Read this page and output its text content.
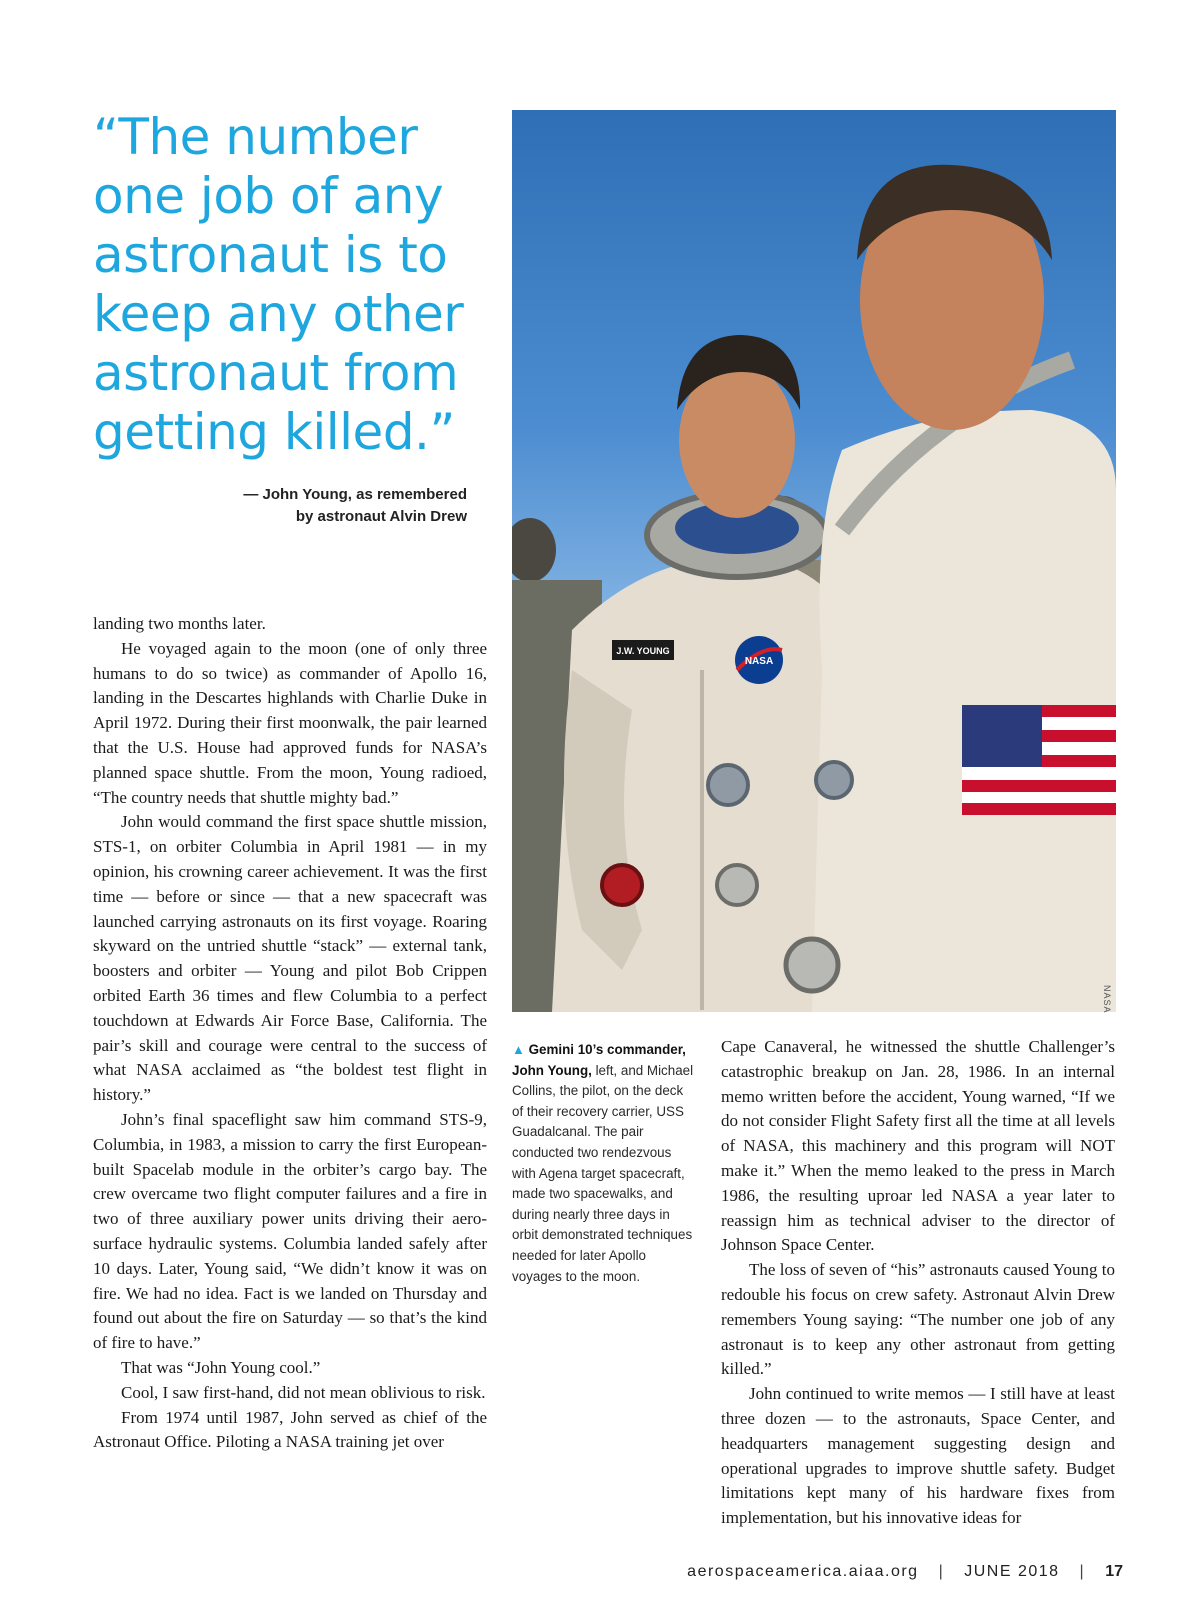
“The number
one job of any
astronaut is to
keep any other
astronaut from
getting killed.”
— John Young, as remembered
by astronaut Alvin Drew
J.W. YOUNG
NASA
NASA

landing two months later.

He voyaged again to the moon (one of only three humans to do so twice) as commander of Apollo 16, landing in the Descartes highlands with Charlie Duke in April 1972. During their first moonwalk, the pair learned that the U.S. House had approved funds for NASA’s planned space shuttle. From the moon, Young radioed, “The country needs that shuttle mighty bad.”

John would command the first space shuttle mission, STS-1, on orbiter Columbia in April 1981 — in my opinion, his crowning career achievement. It was the first time — before or since — that a new spacecraft was launched carrying astronauts on its first voyage. Roaring skyward on the untried shuttle “stack” — external tank, boosters and orbiter — Young and pilot Bob Crippen orbited Earth 36 times and flew Columbia to a perfect touchdown at Edwards Air Force Base, California. The pair’s skill and courage were central to the success of what NASA acclaimed as “the boldest test flight in history.”

John’s final spaceflight saw him command STS-9, Columbia, in 1983, a mission to carry the first European-built Spacelab module in the orbiter’s cargo bay. The crew overcame two flight computer failures and a fire in two of three auxiliary power units driving their aero-surface hydraulic systems. Columbia landed safely after 10 days. Later, Young said, “We didn’t know it was on fire. We had no idea. Fact is we landed on Thursday and found out about the fire on Saturday — so that’s the kind of fire to have.”

That was “John Young cool.”

Cool, I saw first-hand, did not mean oblivious to risk.

From 1974 until 1987, John served as chief of the Astronaut Office. Piloting a NASA training jet over

▲ Gemini 10’s commander, John Young, left, and Michael Collins, the pilot, on the deck of their recovery carrier, USS Guadalcanal. The pair conducted two rendezvous with Agena target spacecraft, made two spacewalks, and during nearly three days in orbit demonstrated techniques needed for later Apollo voyages to the moon.

Cape Canaveral, he witnessed the shuttle Challenger’s catastrophic breakup on Jan. 28, 1986. In an internal memo written before the accident, Young warned, “If we do not consider Flight Safety first all the time at all levels of NASA, this machinery and this program will NOT make it.” When the memo leaked to the press in March 1986, the resulting uproar led NASA a year later to reassign him as technical adviser to the director of Johnson Space Center.

The loss of seven of “his” astronauts caused Young to redouble his focus on crew safety. Astronaut Alvin Drew remembers Young saying: “The number one job of any astronaut is to keep any other astronaut from getting killed.”

John continued to write memos — I still have at least three dozen — to the astronauts, Space Center, and headquarters management suggesting design and operational upgrades to improve shuttle safety. Budget limitations kept many of his hardware fixes from implementation, but his innovative ideas for

aerospaceamerica.aiaa.org | JUNE 2018 | 17
